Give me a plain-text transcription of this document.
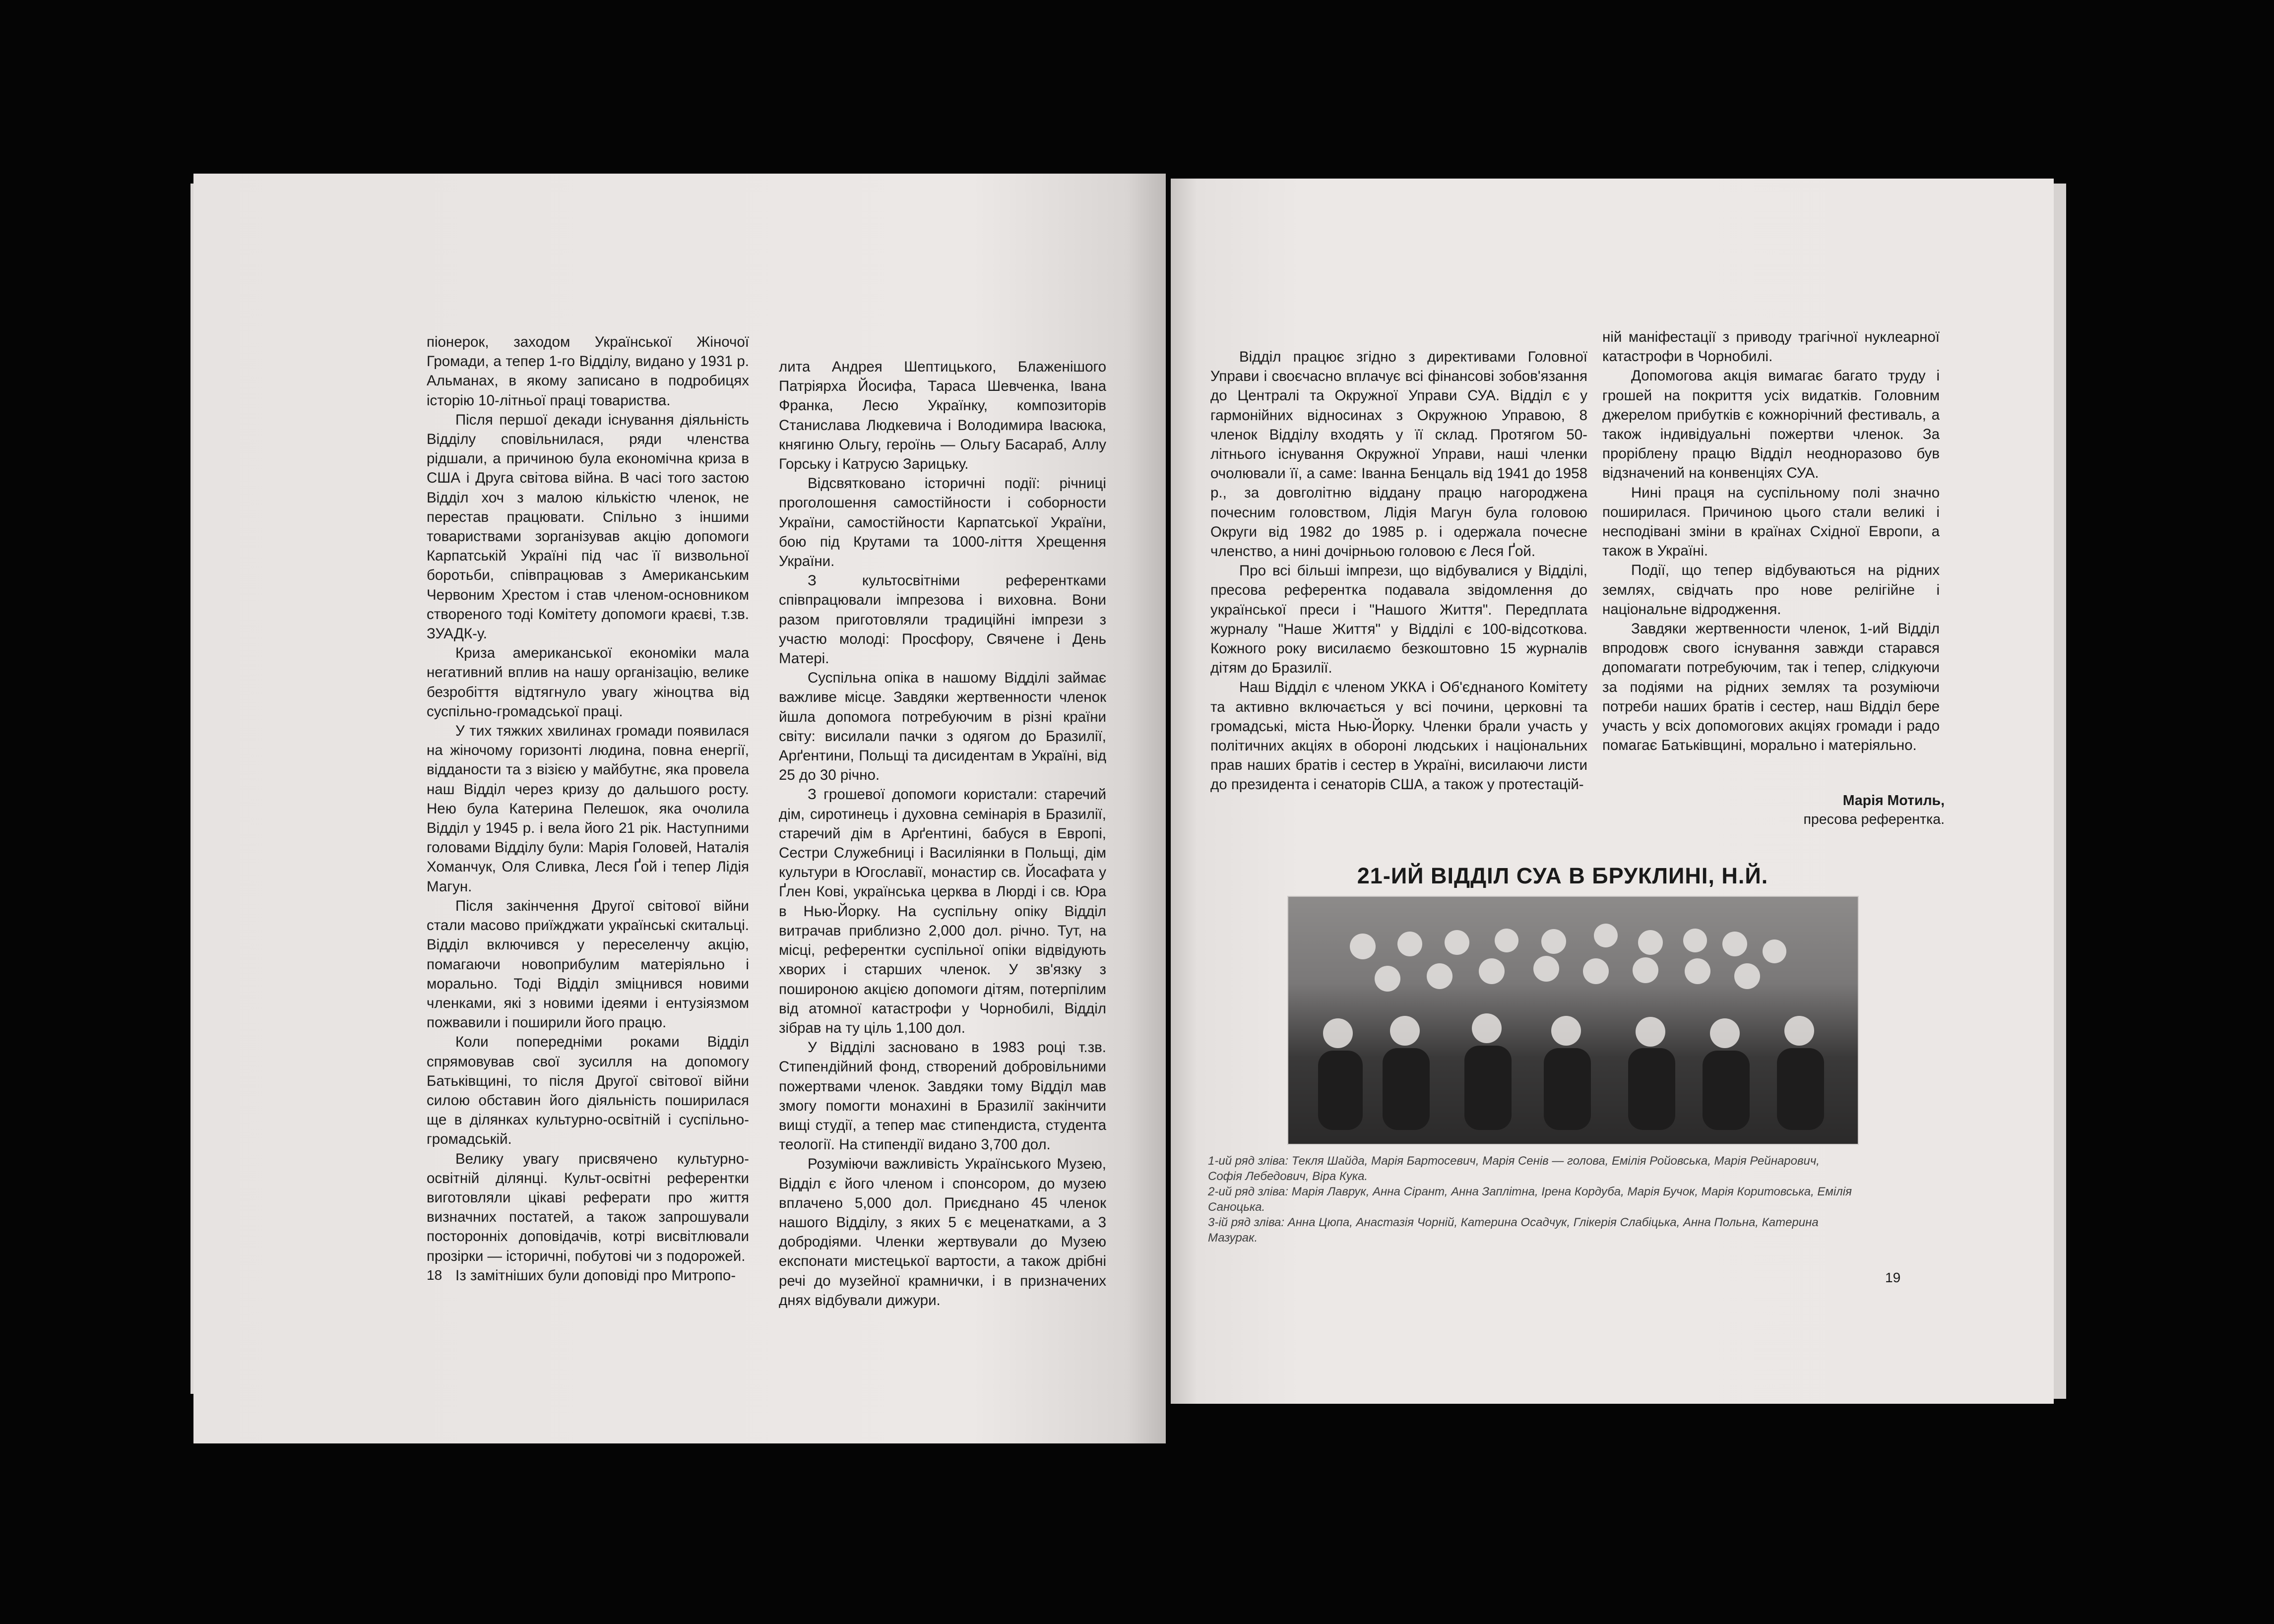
піонерок, заходом Української Жіночої Громади, а тепер 1-го Відділу, видано у 1931 р. Альманах, в якому записано в подробицях історію 10-літньої праці товариства.

Після першої декади існування діяльність Відділу сповільнилася, ряди членства рідшали, а причиною була економічна криза в США і Друга світова війна. В часі того застою Відділ хоч з малою кількістю членок, не перестав працювати. Спільно з іншими товариствами зорганізував акцію допомоги Карпатській Україні під час її визвольної боротьби, співпрацював з Американським Червоним Хрестом і став членом-основником створеного тоді Комітету допомоги краєві, т.зв. ЗУАДК-у.

Криза американської економіки мала негативний вплив на нашу організацію, велике безробіття відтягнуло увагу жіноцтва від суспільно-громадської праці.

У тих тяжких хвилинах громади появилася на жіночому горизонті людина, повна енергії, відданости та з візією у майбутнє, яка провела наш Відділ через кризу до дальшого росту. Нею була Катерина Пелешок, яка очолила Відділ у 1945 р. і вела його 21 рік. Наступними головами Відділу були: Марія Головей, Наталія Хоманчук, Оля Сливка, Леся Ґой і тепер Лідія Магун.

Після закінчення Другої світової війни стали масово приїжджати українські скитальці. Відділ включився у переселенчу акцію, помагаючи новоприбулим матеріяльно і морально. Тоді Відділ зміцнився новими членками, які з новими ідеями і ентузіязмом пожвавили і поширили його працю.

Коли попередніми роками Відділ спрямовував свої зусилля на допомогу Батьківщині, то після Другої світової війни силою обставин його діяльність поширилася ще в ділянках культурно-освітній і суспільно-громадській.

Велику увагу присвячено культурно-освітній ділянці. Культ-освітні референтки виготовляли цікаві реферати про життя визначних постатей, а також запрошували посторонніх доповідачів, котрі висвітлювали прозірки — історичні, побутові чи з подорожей.

Із замітніших були доповіді про Митропо-

лита Андрея Шептицького, Блаженішого Патріярха Йосифа, Тараса Шевченка, Івана Франка, Лесю Українку, композиторів Станислава Людкевича і Володимира Івасюка, княгиню Ольгу, героїнь — Ольгу Басараб, Аллу Горську і Катрусю Зарицьку.

Відсвятковано історичні події: річниці проголошення самостійности і соборности України, самостійности Карпатської України, бою під Крутами та 1000-ліття Хрещення України.

З культосвітніми референтками співпрацювали імпрезова і виховна. Вони разом приготовляли традиційні імпрези з участю молоді: Просфору, Свячене і День Матері.

Суспільна опіка в нашому Відділі займає важливе місце. Завдяки жертвенности членок йшла допомога потребуючим в різні країни світу: висилали пачки з одягом до Бразилії, Арґентини, Польщі та дисидентам в Україні, від 25 до 30 річно.

З грошевої допомоги користали: старечий дім, сиротинець і духовна семінарія в Бразилії, старечий дім в Арґентині, бабуся в Европі, Сестри Служебниці і Василіянки в Польщі, дім культури в Югославії, монастир св. Йосафата у Ґлен Кові, українська церква в Люрді і св. Юра в Нью-Йорку. На суспільну опіку Відділ витрачав приблизно 2,000 дол. річно. Тут, на місці, референтки суспільної опіки відвідують хворих і старших членок. У зв'язку з пошироною акцією допомоги дітям, потерпілим від атомної катастрофи у Чорнобилі, Відділ зібрав на ту ціль 1,100 дол.

У Відділі засновано в 1983 році т.зв. Стипендійний фонд, створений добровільними пожертвами членок. Завдяки тому Відділ мав змогу помогти монахині в Бразилії закінчити вищі студії, а тепер має стипендиста, студента теології. На стипендії видано 3,700 дол.

Розуміючи важливість Українського Музею, Відділ є його членом і спонсором, до музею вплачено 5,000 дол. Приєднано 45 членок нашого Відділу, з яких 5 є меценатками, а 3 добродіями. Членки жертвували до Музею експонати мистецької вартости, а також дрібні речі до музейної крамнички, і в призначених днях відбували дижури.

18

Відділ працює згідно з директивами Головної Управи і своєчасно вплачує всі фінансові зобов'язання до Централі та Окружної Управи СУА. Відділ є у гармонійних відносинах з Окружною Управою, 8 членок Відділу входять у її склад. Протягом 50-літнього існування Окружної Управи, наші членки очолювали її, а саме: Іванна Бенцаль від 1941 до 1958 р., за довголітню віддану працю нагороджена почесним головством, Лідія Магун була головою Округи від 1982 до 1985 р. і одержала почесне членство, а нині дочірньою головою є Леся Ґой.

Про всі більші імпрези, що відбувалися у Відділі, пресова референтка подавала звідомлення до української преси і "Нашого Життя". Передплата журналу "Наше Життя" у Відділі є 100-відсоткова. Кожного року висилаємо безкоштовно 15 журналів дітям до Бразилії.

Наш Відділ є членом УККА і Об'єднаного Комітету та активно включається у всі почини, церковні та громадські, міста Нью-Йорку. Членки брали участь у політичних акціях в обороні людських і національних прав наших братів і сестер в Україні, висилаючи листи до президента і сенаторів США, а також у протестацій-

ній маніфестації з приводу трагічної нуклеарної катастрофи в Чорнобилі.

Допомогова акція вимагає багато труду і грошей на покриття усіх видатків. Головним джерелом прибутків є кожнорічний фестиваль, а також індивідуальні пожертви членок. За проріблену працю Відділ неодноразово був відзначений на конвенціях СУА.

Нині праця на суспільному полі значно поширилася. Причиною цього стали великі і несподівані зміни в країнах Східної Европи, а також в Україні.

Події, що тепер відбуваються на рідних землях, свідчать про нове релігійне і національне відродження.

Завдяки жертвенности членок, 1-ий Відділ впродовж свого існування завжди старався допомагати потребуючим, так і тепер, слідкуючи за подіями на рідних землях та розуміючи потреби наших братів і сестер, наш Відділ бере участь у всіх допомогових акціях громади і радо помагає Батьківщині, морально і матеріяльно.

Марія Мотиль,
пресова референтка.
21-ИЙ ВІДДІЛ СУА В БРУКЛИНІ, Н.Й.

1-ий ряд зліва: Текля Шайда, Марія Бартосевич, Марія Сенів — голова, Емілія Ройовська, Марія Рейнарович, Софія Лебедович, Віра Кука.

2-ий ряд зліва: Марія Лаврук, Анна Сірант, Анна Заплітна, Ірена Кордуба, Марія Бучок, Марія Коритовська, Емілія Саноцька.

3-ій ряд зліва: Анна Цюпа, Анастазія Чорній, Катерина Осадчук, Глікерія Слабіцька, Анна Польна, Катерина Мазурак.

19
